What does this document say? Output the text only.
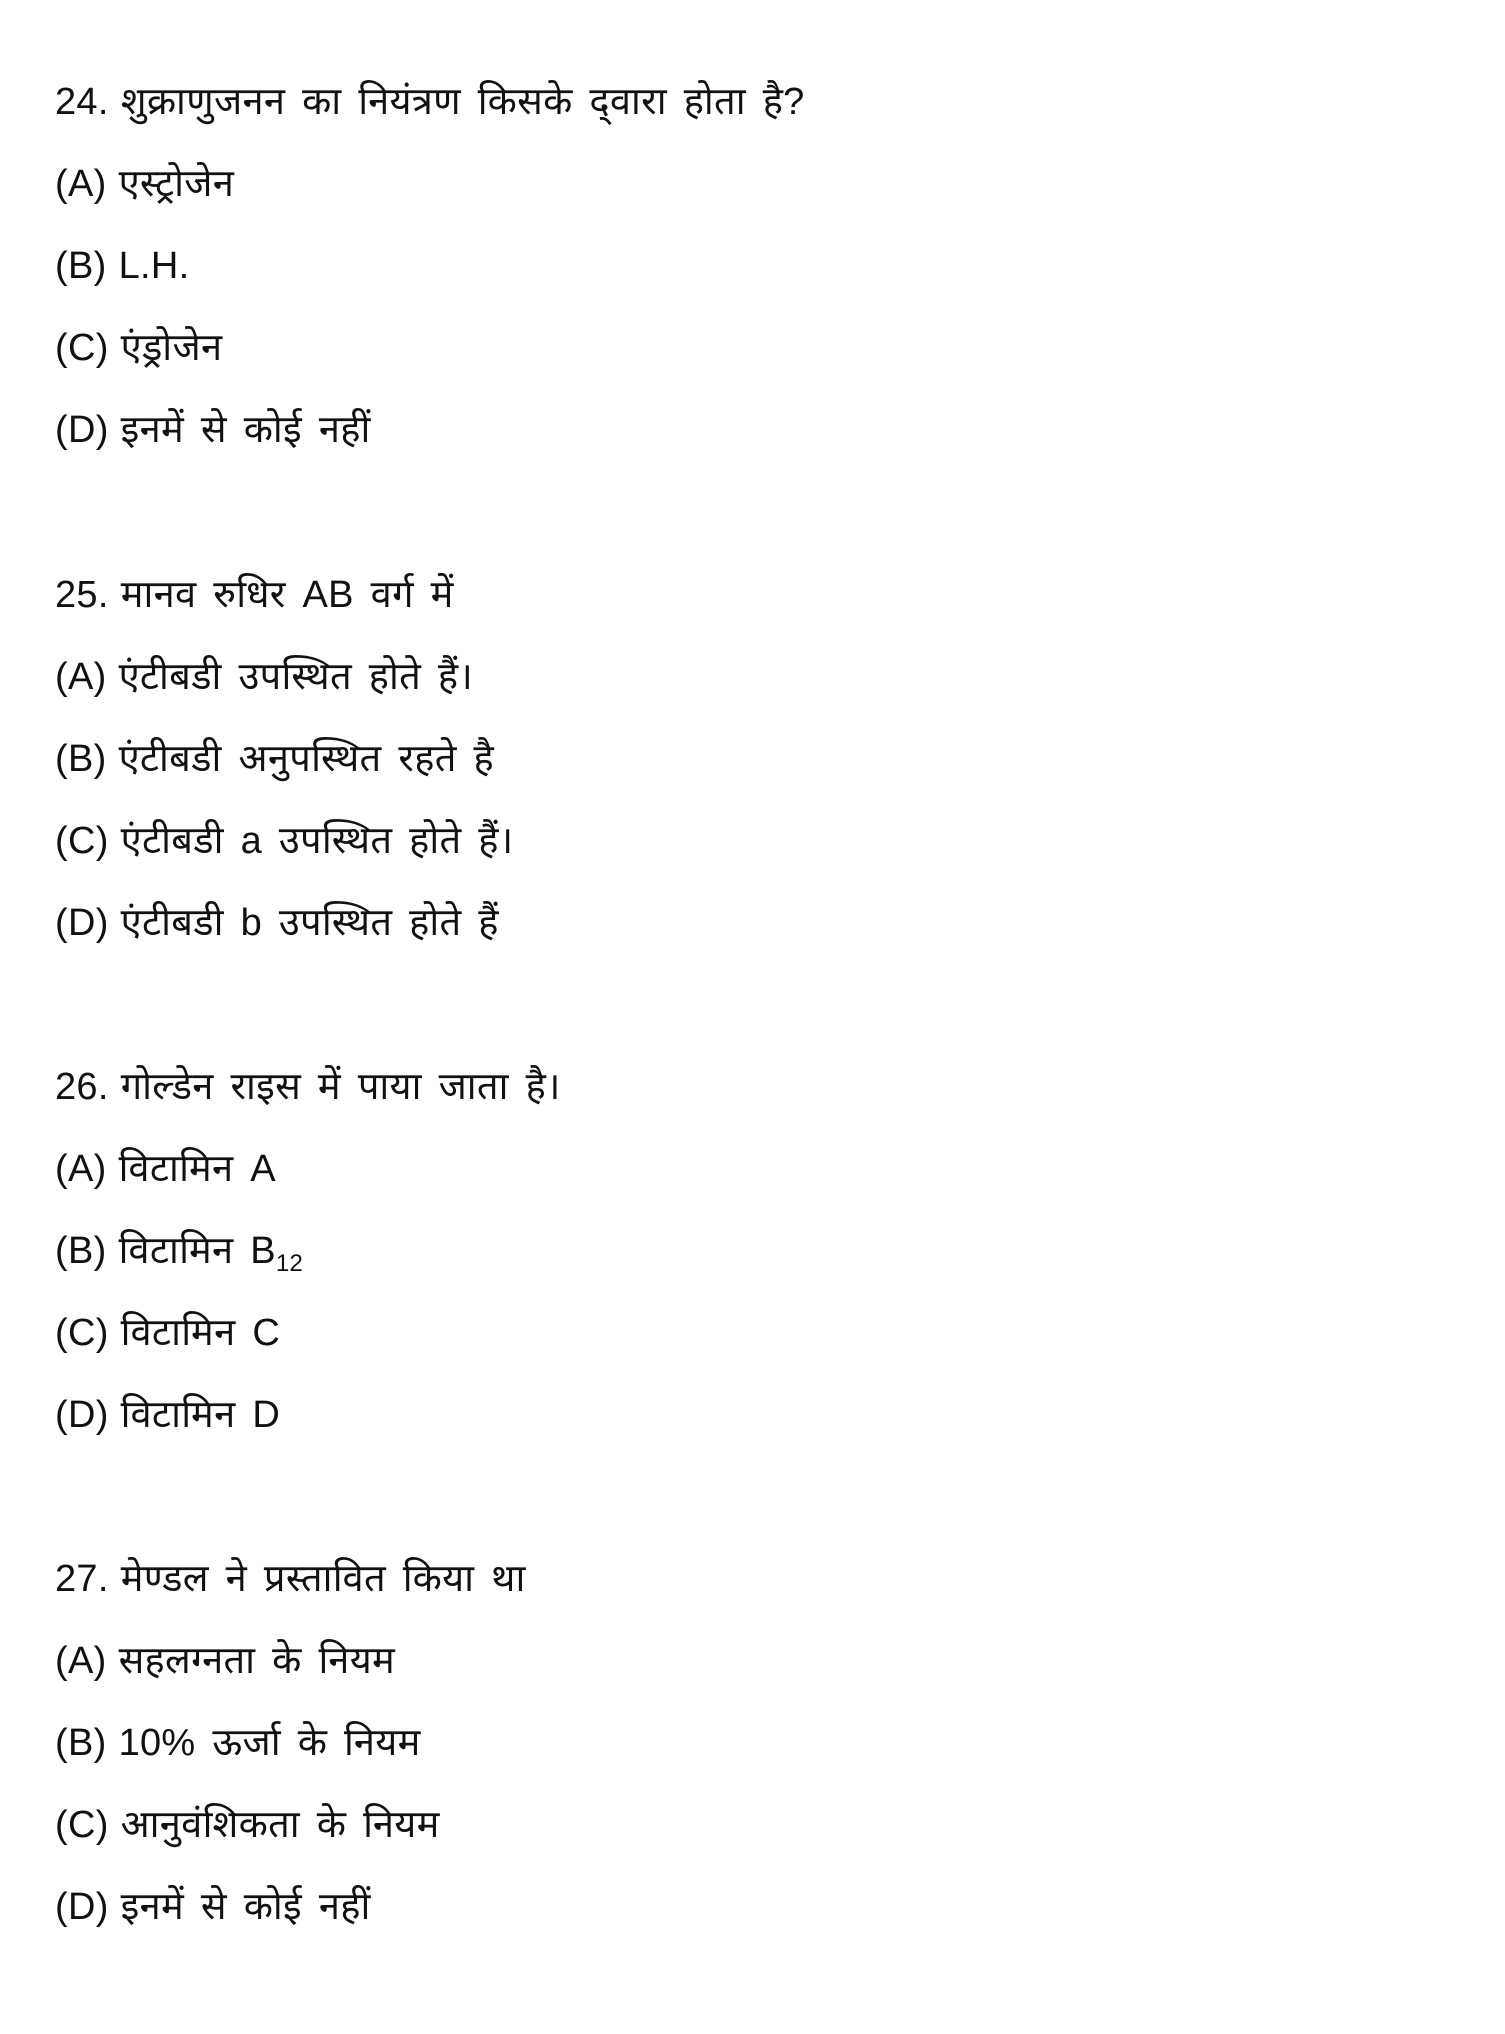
24. शुक्राणुजनन का नियंत्रण किसके द्‌वारा होता है?
(A) एस्ट्रोजेन
(B) L.H.
(C) एंड्रोजेन
(D) इनमें से कोई नहीं
25. मानव रुधिर AB वर्ग में
(A) एंटीबडी उपस्थित होते हैं।
(B) एंटीबडी अनुपस्थित रहते है
(C) एंटीबडी a उपस्थित होते हैं।
(D) एंटीबडी b उपस्थित होते हैं
26. गोल्डेन राइस में पाया जाता है।
(A) विटामिन A
(B) विटामिन $B_{12}$
(C) विटामिन C
(D) विटामिन D
27. मेण्डल ने प्रस्तावित किया था
(A) सहलग्नता के नियम
(B) 10% ऊर्जा के नियम
(C) आनुवंशिकता के नियम
(D) इनमें से कोई नहीं
